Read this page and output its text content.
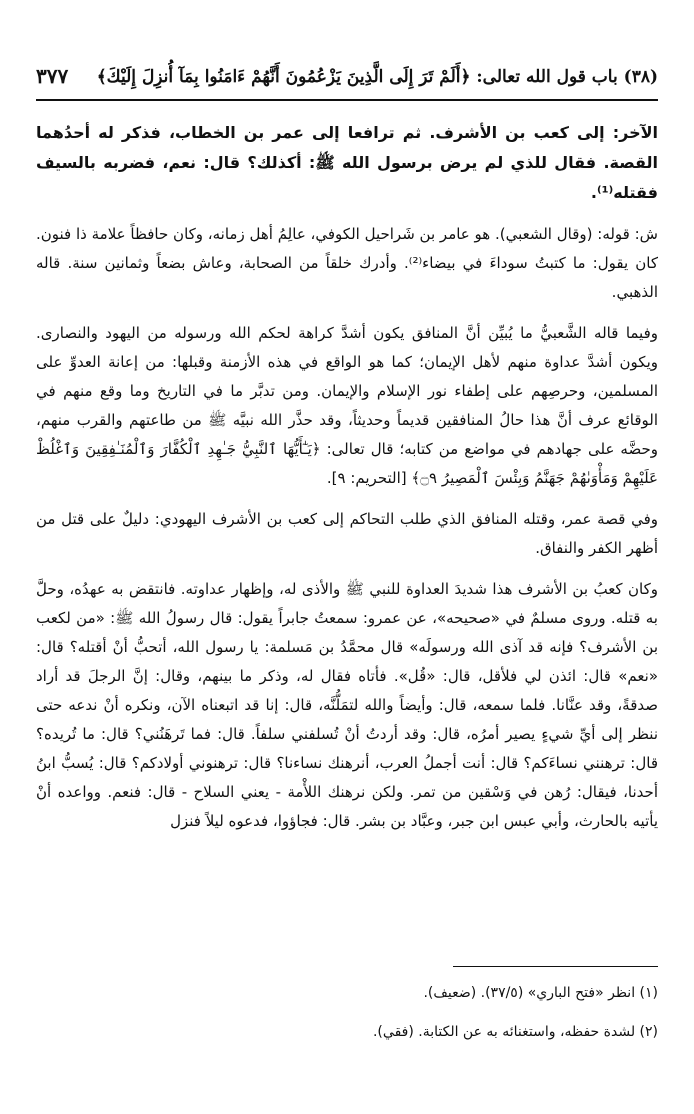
(٣٨) باب قول الله تعالى: ﴿أَلَمْ تَرَ إِلَى الَّذِينَ يَزْعُمُونَ أَنَّهُمْ ءَامَنُوا بِمَآ أُنزِلَ إِلَيْكَ﴾
٣٧٧

الآخر: إلى كعب بن الأشرف. ثم ترافعا إلى عمر بن الخطاب، فذكر له أحدُهما القصة. فقال للذي لم يرض برسول الله ﷺ: أكذلك؟ قال: نعم، فضربه بالسيف فقتله⁽¹⁾.

ش: قوله: (وقال الشعبي). هو عامر بن شَراحيل الكوفي، عالِمُ أهل زمانه، وكان حافظاً علامة ذا فنون. كان يقول: ما كتبتُ سوداءَ في بيضاء⁽²⁾. وأدرك خلقاً من الصحابة، وعاش بضعاً وثمانين سنة. قاله الذهبي.

وفيما قاله الشَّعبيُّ ما يُبيِّن أنَّ المنافق يكون أشدَّ كراهة لحكم الله ورسوله من اليهود والنصارى. ويكون أشدَّ عداوة منهم لأهل الإيمان؛ كما هو الواقع في هذه الأزمنة وقبلها: من إعانة العدوِّ على المسلمين، وحرصِهم على إطفاء نور الإسلام والإيمان. ومن تدبَّر ما في التاريخ وما وقع منهم في الوقائع عرف أنَّ هذا حالُ المنافقين قديماً وحديثاً، وقد حذَّر الله نبيَّه ﷺ من طاعتهم والقرب منهم، وحضَّه على جهادهم في مواضع من كتابه؛ قال تعالى: ﴿يَـٰٓأَيُّهَا ٱلنَّبِيُّ جَـٰهِدِ ٱلْكُفَّارَ وَٱلْمُنَـٰفِقِينَ وَٱغْلُظْ عَلَيْهِمْ وَمَأْوَىٰهُمْ جَهَنَّمُ وَبِئْسَ ٱلْمَصِيرُ ۝٩﴾ [التحريم: ٩].

وفي قصة عمر، وقتله المنافق الذي طلب التحاكم إلى كعب بن الأشرف اليهودي: دليلٌ على قتل من أظهر الكفر والنفاق.

وكان كعبُ بن الأشرف هذا شديدَ العداوة للنبي ﷺ والأذى له، وإظهار عداوته. فانتقض به عهدُه، وحلَّ به قتله. وروى مسلمٌ في «صحيحه»، عن عمرو: سمعتُ جابراً يقول: قال رسولُ الله ﷺ: «من لكعب بن الأشرف؟ فإنه قد آذى الله ورسولَه» قال محمَّدُ بن مَسلمة: يا رسول الله، أتحبُّ أنْ أقتله؟ قال: «نعم» قال: ائذن لي فلأقل، قال: «قُل». فأتاه فقال له، وذكر ما بينهم، وقال: إنَّ الرجلَ قد أراد صدقةً، وقد عنَّانا. فلما سمعه، قال: وأيضاً والله لتمَلُّنَّه، قال: إنا قد اتبعناه الآن، ونكره أنْ ندعه حتى ننظر إلى أيِّ شيءٍ يصير أمرُه، قال: وقد أردتُ أنْ تُسلفني سلفاً. قال: فما تَرهَنُني؟ قال: ما تُريده؟ قال: ترهنني نساءَكم؟ قال: أنت أجملُ العرب، أنرهنك نساءنا؟ قال: ترهنوني أولادكم؟ قال: يُسبُّ ابنُ أحدنا، فيقال: رُهن في وَسْقين من تمر. ولكن نرهنك اللأْمة - يعني السلاح - قال: فنعم. وواعده أنْ يأتيه بالحارث، وأبي عبس ابن جبر، وعبَّاد بن بشر. قال: فجاؤوا، فدعوه ليلاً فنزل

(١) انظر «فتح الباري» (٣٧/٥). (ضعيف).
(٢) لشدة حفظه، واستغنائه به عن الكتابة. (فقي).
